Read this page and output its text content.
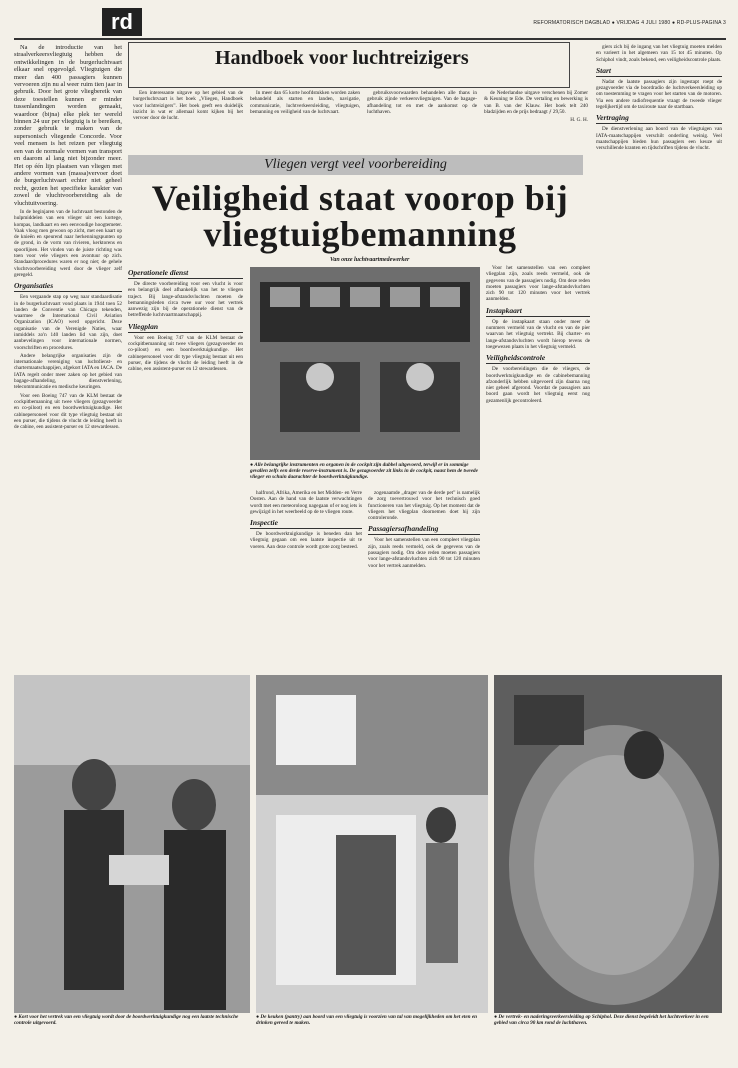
rd	REFORMATORISCH DAGBLAD ● VRIJDAG 4 JULI 1980 ● RD-PLUS-PAGINA 3

Na de introductie van het straalverkeersvliegtuig hebben de ontwikkelingen in de burgerluchtvaart elkaar snel opgevolgd. Vliegtuigen die meer dan 400 passagiers kunnen vervoeren zijn nu al weer ruim tien jaar in gebruik. Door het grote vliegbereik van deze toestellen kunnen er minder tussenlandingen worden gemaakt, waardoor (bijna) elke plek ter wereld binnen 24 uur per vliegtuig is te bereiken, zonder gebruik te maken van de supersonisch vliegende Concorde. Voor veel mensen is het reizen per vliegtuig een van de normale vormen van transport en daarom al lang niet bijzonder meer. Het op één lijn plaatsen van vliegen met andere vormen van (massa)vervoer doet de burgerluchtvaart echter niet geheel recht, gezien het specifieke karakter van zowel de vluchtvoorbereiding als de vluchtuitvoering.

In de beginjaren van de luchtvaart bestonden de hulpmiddelen van een vlieger uit een kortege, kompas, landkaart en een eenvoudige hoogtemeter. Vaak vloog men gewoon op zicht, met een kaart op de knieën en speurend naar herkenningspunten op de grond, in de vorm van rivieren, kerktorens en spoorlijnen. Het vinden van de juiste richting was toen voor vele vliegers een avontuur op zich. Standaardprocedures waren er nog niet; de gehele vluchtvoorbereiding werd door de vlieger zelf geregeld.

Organisaties

Een vergaande stap op weg naar standaardisatie in de burgerluchtvaart vond plaats in 1944 toen 52 landen de Conventie van Chicago tekenden, waarmee de International Civil Aviation Organization (ICAO) werd opgericht. Deze organisatie van de Verenigde Naties, waar inmiddels zo'n 140 landen lid van zijn, doet aanbevelingen voor internationale normen, voorschriften en procedures.

Andere belangrijke organisaties zijn de internationale vereniging van luchtdienst- en chartermaatschappijen, afgekort IATA en IACA. De IATA regelt onder meer zaken op het gebied van bagage-afhandeling, dienstverlening, telecommunicatie en medische keuringen.

Voor een Boeing 747 van de KLM bestaat de cockpitbemanning uit twee vliegers (gezagvoerder en co-piloot) en een boordwerktuigkundige. Het cabinepersoneel voor dit type vliegtuig bestaat uit een purser, die tijdens de vlucht de leiding heeft in de cabine, een assistent-purser en 12 stewardessen.

Handboek voor luchtreizigers

Een interessante uitgave op het gebied van de burgerluchtvaart is het boek „Vliegen, Handboek voor luchtreizigers”. Het boek geeft een duidelijk inzicht in wat er allemaal komt kijken bij het vervoer door de lucht.

In meer dan 65 korte hoofdstukken worden zaken behandeld als starten en landen, navigatie, communicatie, luchtverkeersleiding, vliegtuigen, bemanning en veiligheid van de luchtvaart.

gebruiksvoorwaarden behandelen alle thans in gebruik zijnde verkeersvliegtuigen. Van de bagage-afhandeling tot en met de aankomst op de luchthaven.

de Nederlandse uitgave verschenen bij Zomer & Keuning te Ede. De vertaling en bewerking is van B. van der Klauw. Het boek telt 240 bladzijden en de prijs bedraagt ƒ 29,50.

H. G. H.

giers zich bij de ingang van het vliegtuig moeten melden en varieert in het algemeen van 15 tot 45 minuten. Op Schiphol vindt, zoals bekend, een veiligheidscontrole plaats.

Start

Nadat de laatste passagiers zijn ingestapt roept de gezagvoerder via de boordradio de luchtverkeersleiding op om toestemming te vragen voor het starten van de motoren. Via een andere radiofrequentie vraagt de tweede vlieger tegelijkertijd om de taxiroute naar de startbaan.

Vertraging

De dienstverlening aan boord van de vliegtuigen van IATA-maatschappijen verschilt onderling weinig. Veel maatschappijen bieden hun passagiers een keuze uit verschillende kranten en tijdschriften tijdens de vlucht.

Vliegen vergt veel voorbereiding
Veiligheid staat voorop bij vliegtuigbemanning
Van onze luchtvaartmedewerker
Operationele dienst

De directe voorbereiding voor een vlucht is voor een belangrijk deel afhankelijk van het te vliegen traject. Bij lange-afstandsvluchten moeten de bemanningsleden circa twee uur voor het vertrek aanwezig zijn bij de operationele dienst van de betreffende luchtvaartmaatschappij.

Vliegplan

Voor een Boeing 747 van de KLM bestaat de cockpitbemanning uit twee vliegers (gezagvoerder en co-piloot) en een boordwerktuigkundige. Het cabinepersoneel voor dit type vliegtuig bestaat uit een purser, die tijdens de vlucht de leiding heeft in de cabine, een assistent-purser en 12 stewardessen.

● Alle belangrijke instrumenten en organen in de cockpit zijn dubbel uitgevoerd, terwijl er in sommige gevallen zelfs een derde reserve-instrument is. De gezagvoerder zit links in de cockpit, naast hem de tweede vlieger en schuin daarachter de boordwerktuigkundige.

Voor het samenstellen van een compleet vliegplan zijn, zoals reeds vermeld, ook de gegevens van de passagiers nodig. Om deze reden moeten passagiers voor lange-afstandsvluchten zich 90 tot 120 minuten voor het vertrek aanmelden.

Instapkaart

Op de instapkaart staan onder meer de nummers vermeld van de vlucht en van de pier waarvan het vliegtuig vertrekt. Bij charter- en lange-afstandsvluchten wordt hierop tevens de toegewezen plaats in het vliegtuig vermeld.

Veiligheidscontrole

De voorbereidingen die de vliegers, de boordwerktuigkundige en de cabinebemanning afzonderlijk hebben uitgevoerd zijn daarna nog niet geheel afgerond. Voordat de passagiers aan boord gaan wordt het vliegtuig eerst nog gezamenlijk gecontroleerd.

halfrond, Afrika, Amerika en het Midden- en Verre Oosten. Aan de hand van de laatste verwachtingen wordt met een meteoroloog nagegaan of er nog iets is gewijzigd in het weerbeeld op de te vliegen route.

Inspectie

De boordwerktuigkundige is beneden dan het vliegtuig gegaan om een laatste inspectie uit te voeren. Aan deze controle wordt grote zorg besteed.

zogenaamde „drager van de derde pet” is namelijk de zorg toevertrouwd voor het technisch goed functioneren van het vliegtuig. Op het moment dat de vliegers het vliegplan doornemen doet hij zijn controleronde.

Passagiersafhandeling

Voor het samenstellen van een compleet vliegplan zijn, zoals reeds vermeld, ook de gegevens van de passagiers nodig. Om deze reden moeten passagiers voor lange-afstandsvluchten zich 90 tot 120 minuten voor het vertrek aanmelden.

● Kort voor het vertrek van een vliegtuig wordt door de boordwerktuigkundige nog een laatste technische controle uitgevoerd.
● De keuken (pantry) aan boord van een vliegtuig is voorzien van tal van mogelijkheden om het eten en drinken gereed te maken.
● De vertrek- en naderingsverkeersleiding op Schiphol. Deze dienst begeleidt het luchtverkeer in een gebied van circa 90 km rond de luchthaven.
